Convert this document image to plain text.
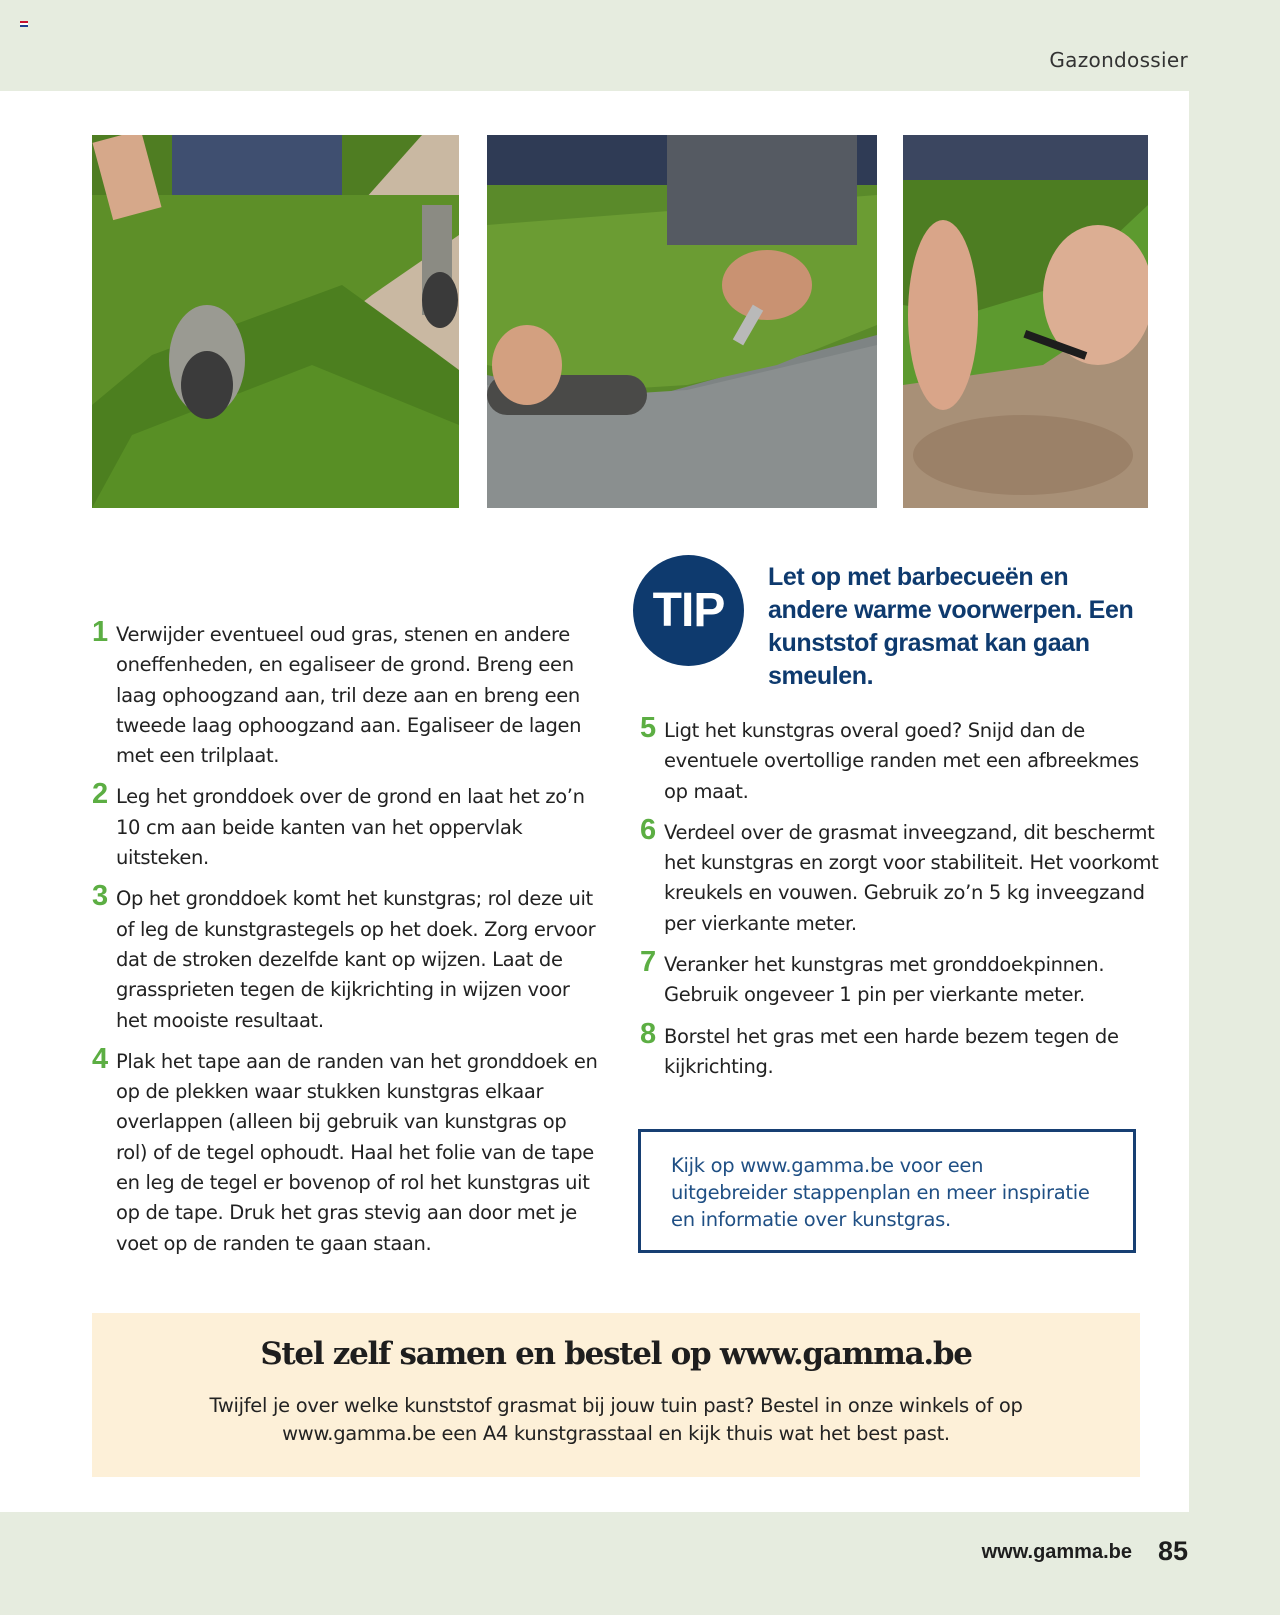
Gazondossier
TIP
Let op met barbecueën en andere warme voorwerpen. Een kunststof grasmat kan gaan smeulen.
1 Verwijder eventueel oud gras, stenen en andere oneffenheden, en egaliseer de grond. Breng een laag ophoogzand aan, tril deze aan en breng een tweede laag ophoogzand aan. Egaliseer de lagen met een trilplaat.
2 Leg het gronddoek over de grond en laat het zo’n 10 cm aan beide kanten van het oppervlak uitsteken.
3 Op het gronddoek komt het kunstgras; rol deze uit of leg de kunstgrastegels op het doek. Zorg ervoor dat de stroken dezelfde kant op wijzen. Laat de grassprieten tegen de kijkrichting in wijzen voor het mooiste resultaat.
4 Plak het tape aan de randen van het gronddoek en op de plekken waar stukken kunstgras elkaar overlappen (alleen bij gebruik van kunstgras op rol) of de tegel ophoudt. Haal het folie van de tape en leg de tegel er bovenop of rol het kunstgras uit op de tape. Druk het gras stevig aan door met je voet op de randen te gaan staan.
5 Ligt het kunstgras overal goed? Snijd dan de eventuele overtollige randen met een afbreekmes op maat.
6 Verdeel over de grasmat inveegzand, dit beschermt het kunstgras en zorgt voor stabiliteit. Het voorkomt kreukels en vouwen. Gebruik zo’n 5 kg inveegzand per vierkante meter.
7 Veranker het kunstgras met gronddoekpinnen. Gebruik ongeveer 1 pin per vierkante meter.
8 Borstel het gras met een harde bezem tegen de kijkrichting.
Kijk op www.gamma.be voor een uitgebreider stappenplan en meer inspiratie en informatie over kunstgras.
Stel zelf samen en bestel op www.gamma.be
Twijfel je over welke kunststof grasmat bij jouw tuin past? Bestel in onze winkels of op www.gamma.be een A4 kunstgrasstaal en kijk thuis wat het best past.
www.gamma.be 85
